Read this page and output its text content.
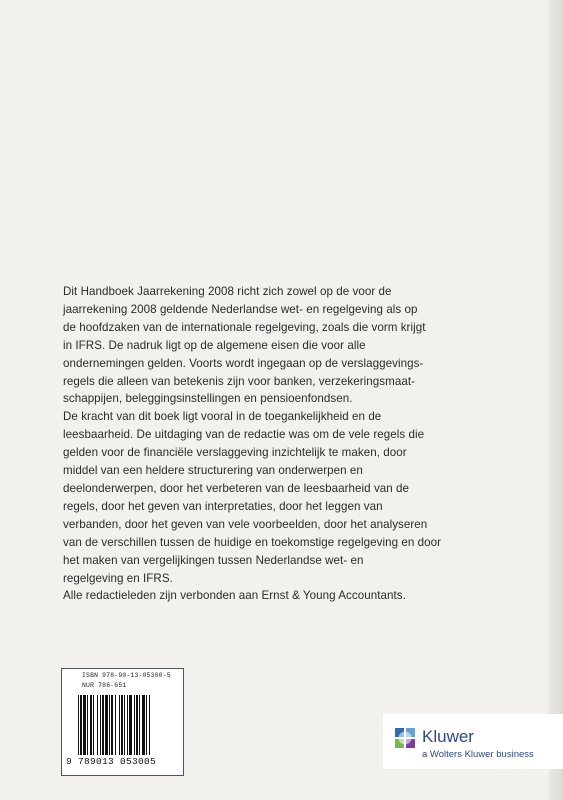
Dit Handboek Jaarrekening 2008 richt zich zowel op de voor de

jaarrekening 2008 geldende Nederlandse wet- en regelgeving als op

de hoofdzaken van de internationale regelgeving, zoals die vorm krijgt

in IFRS. De nadruk ligt op de algemene eisen die voor alle

ondernemingen gelden. Voorts wordt ingegaan op de verslaggevings-

regels die alleen van betekenis zijn voor banken, verzekeringsmaat-

schappijen, beleggingsinstellingen en pensioenfondsen.

De kracht van dit boek ligt vooral in de toegankelijkheid en de

leesbaarheid. De uitdaging van de redactie was om de vele regels die

gelden voor de financiële verslaggeving inzichtelijk te maken, door

middel van een heldere structurering van onderwerpen en

deelonderwerpen, door het verbeteren van de leesbaarheid van de

regels, door het geven van interpretaties, door het leggen van

verbanden, door het geven van vele voorbeelden, door het analyseren

van de verschillen tussen de huidige en toekomstige regelgeving en door

het maken van vergelijkingen tussen Nederlandse wet- en

regelgeving en IFRS.

Alle redactieleden zijn verbonden aan Ernst & Young Accountants.

ISBN 978-90-13-05300-5
NUR 786-651
9 789013 053005
Kluwer
a Wolters Kluwer business
